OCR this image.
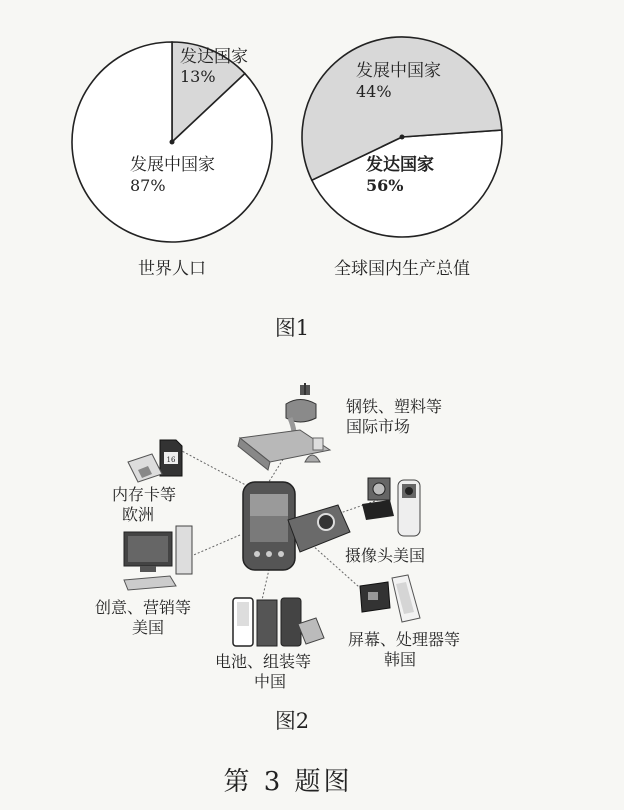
发达国家
13%
发展中国家
87%
世界人口
发展中国家
44%
发达国家
56%
全球国内生产总值
图1
钢铁、塑料等
国际市场
16
内存卡等
欧洲
摄像头美国
创意、营销等
美国
屏幕、处理器等
韩国
电池、组装等
中国
图2
第 3 题图
